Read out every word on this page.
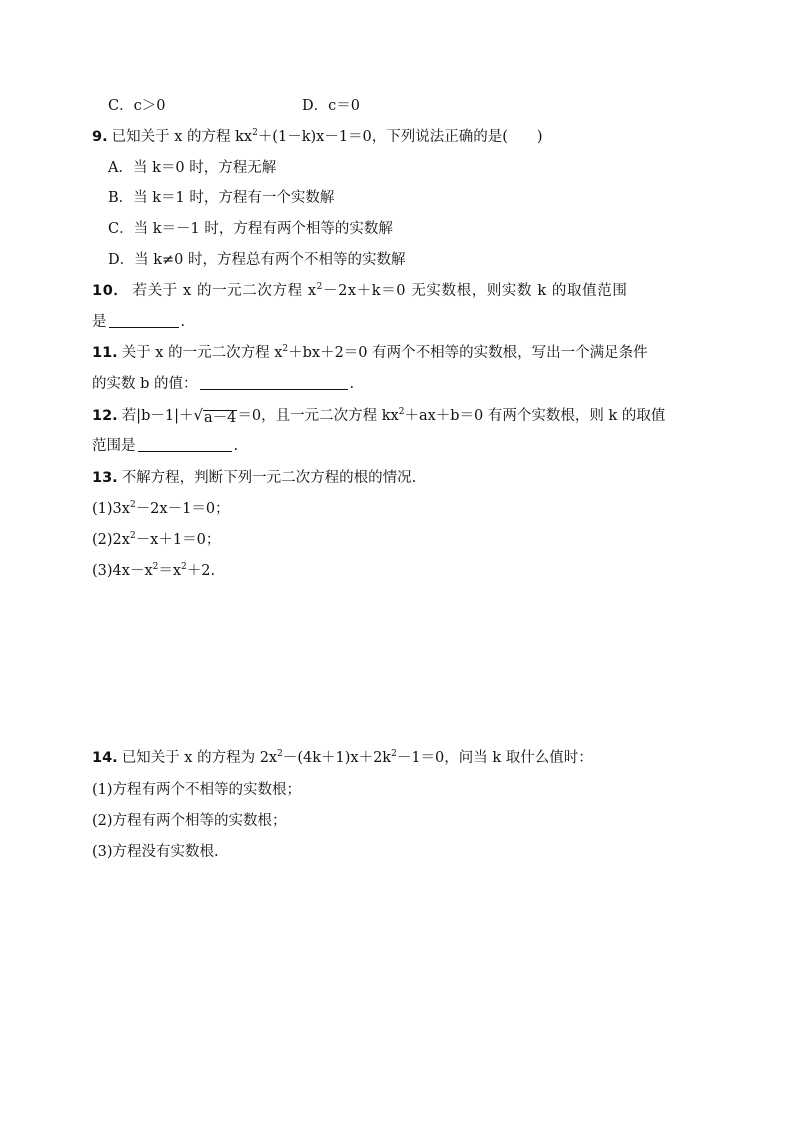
C．c＞0	D．c＝0
9. 已知关于 x 的方程 $kx^2+(1-k)x-1=0$，下列说法正确的是(　　)
A．当 k＝0 时，方程无解
B．当 k＝1 时，方程有一个实数解
C．当 k＝－1 时，方程有两个相等的实数解
D．当 k≠0 时，方程总有两个不相等的实数解
10． 若关于 x 的一元二次方程 $x^2-2x+k=0$ 无实数根，则实数 k 的取值范围
是	.
11. 关于 x 的一元二次方程 $x^2+bx+2=0$ 有两个不相等的实数根，写出一个满足条件
的实数 b 的值：	.
12. 若|b－1|＋ √ a－4 ＝0，且一元二次方程 $kx^2+ax+b=0$ 有两个实数根，则 k 的取值
范围是	.
13. 不解方程，判断下列一元二次方程的根的情况.
$(1)3x^2-2x-1=0$；
$(2)2x^2-x+1=0$；
$(3)4x-x^2=x^2+2$.
14. 已知关于 x 的方程为 $2x^2-(4k+1)x+2k^2-1=0$，问当 k 取什么值时：
(1)方程有两个不相等的实数根；
(2)方程有两个相等的实数根；
(3)方程没有实数根.
